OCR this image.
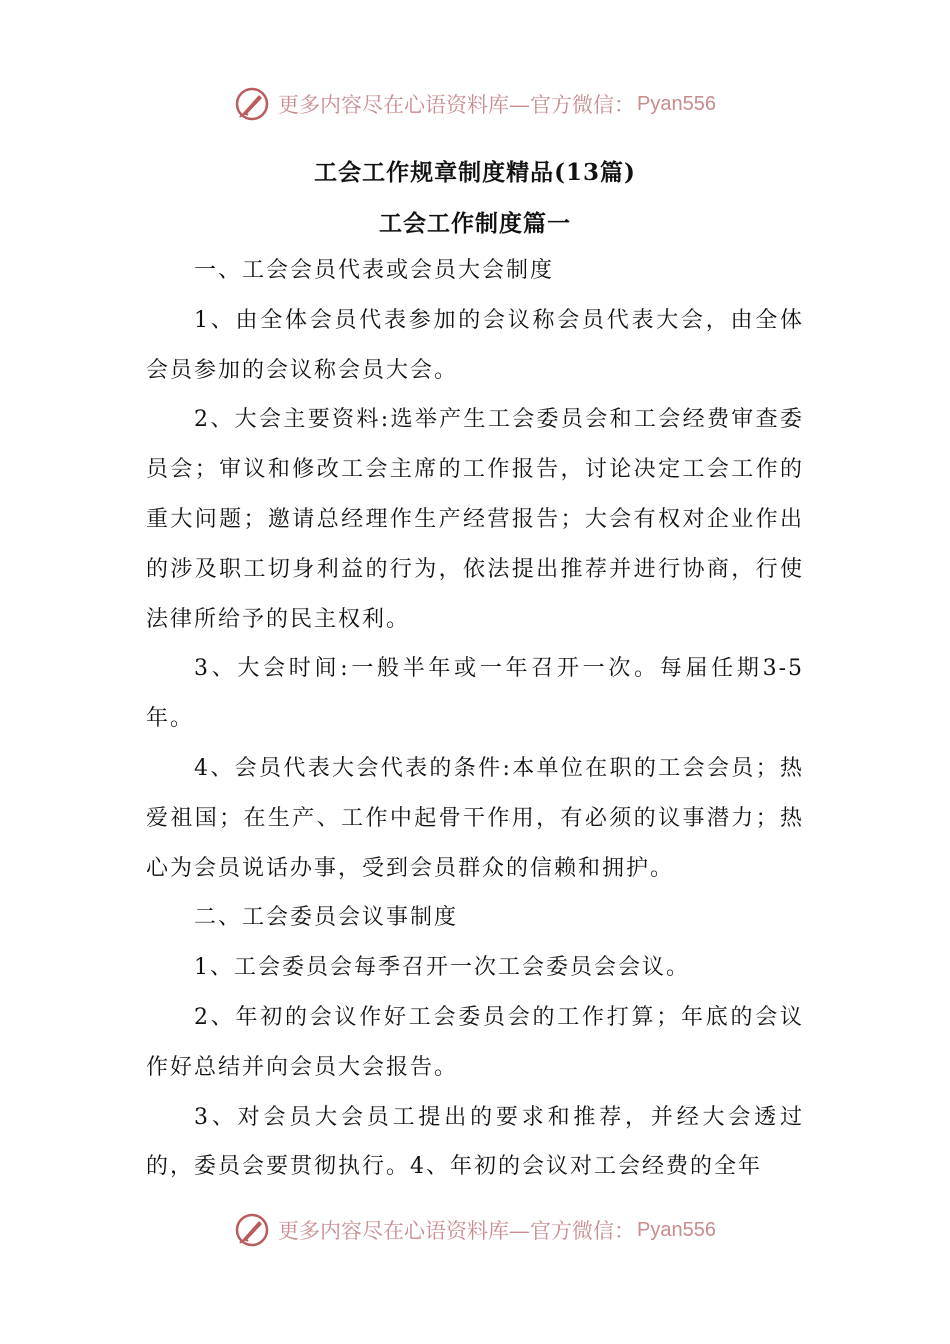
更多内容尽在心语资料库—官方微信： Pyan556
工会工作规章制度精品(13篇)
工会工作制度篇一

一、工会会员代表或会员大会制度

1、由全体会员代表参加的会议称会员代表大会，由全体会员参加的会议称会员大会。

2、大会主要资料:选举产生工会委员会和工会经费审查委员会；审议和修改工会主席的工作报告，讨论决定工会工作的重大问题；邀请总经理作生产经营报告；大会有权对企业作出的涉及职工切身利益的行为，依法提出推荐并进行协商，行使法律所给予的民主权利。

3、大会时间:一般半年或一年召开一次。每届任期3-5年。

4、会员代表大会代表的条件:本单位在职的工会会员；热爱祖国；在生产、工作中起骨干作用，有必须的议事潜力；热心为会员说话办事，受到会员群众的信赖和拥护。

二、工会委员会议事制度

1、工会委员会每季召开一次工会委员会会议。

2、年初的会议作好工会委员会的工作打算；年底的会议作好总结并向会员大会报告。

3、对会员大会员工提出的要求和推荐，并经大会透过的，委员会要贯彻执行。4、年初的会议对工会经费的全年

更多内容尽在心语资料库—官方微信： Pyan556
